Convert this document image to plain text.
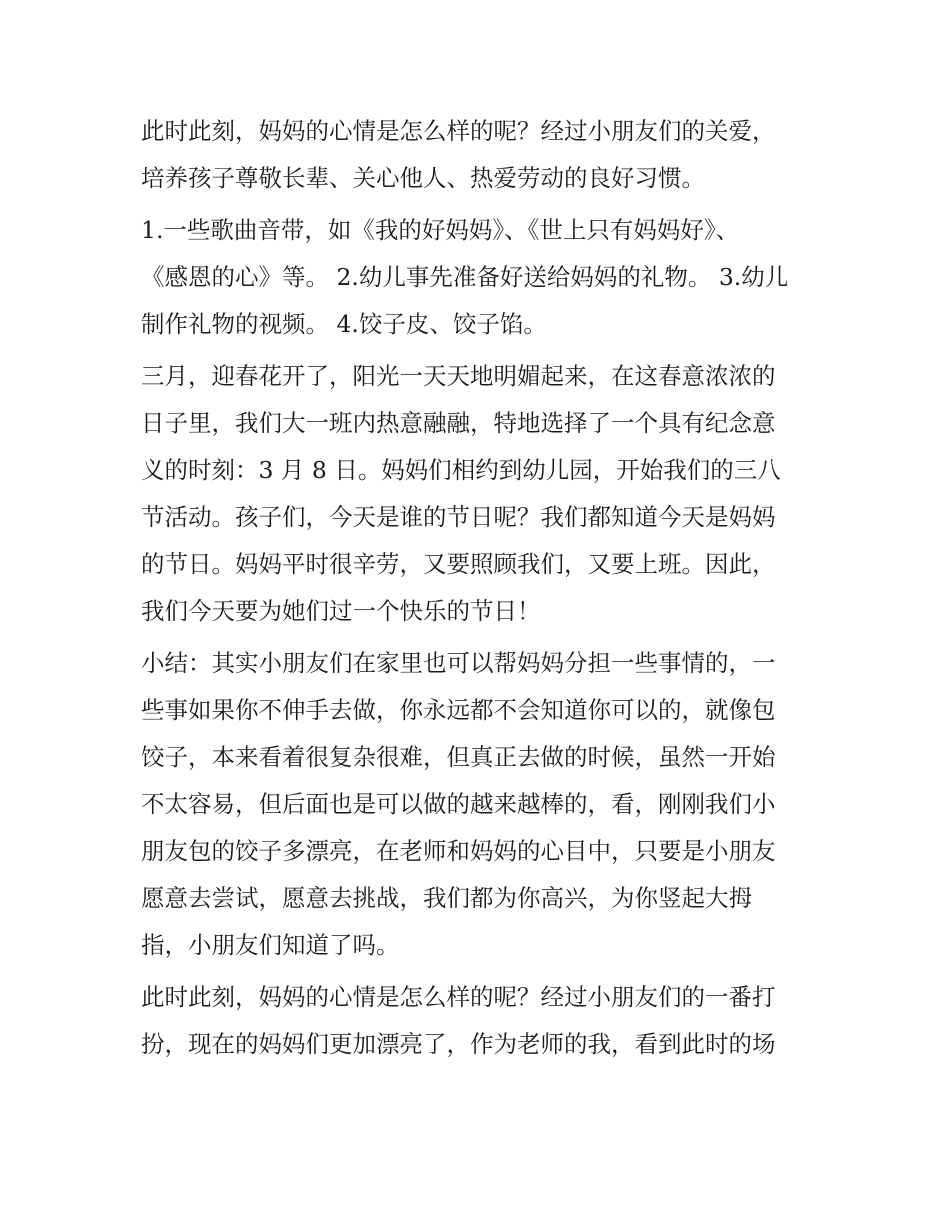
此时此刻，妈妈的心情是怎么样的呢？经过小朋友们的关爱，
培养孩子尊敬长辈、关心他人、热爱劳动的良好习惯。

1.一些歌曲音带，如《我的好妈妈》、《世上只有妈妈好》、
《感恩的心》等。 2.幼儿事先准备好送给妈妈的礼物。 3.幼儿
制作礼物的视频。 4.饺子皮、饺子馅。

三月，迎春花开了，阳光一天天地明媚起来，在这春意浓浓的
日子里，我们大一班内热意融融，特地选择了一个具有纪念意
义的时刻：3 月 8 日。妈妈们相约到幼儿园，开始我们的三八
节活动。孩子们，今天是谁的节日呢？我们都知道今天是妈妈
的节日。妈妈平时很辛劳，又要照顾我们，又要上班。因此，
我们今天要为她们过一个快乐的节日！

小结：其实小朋友们在家里也可以帮妈妈分担一些事情的，一
些事如果你不伸手去做，你永远都不会知道你可以的，就像包
饺子，本来看着很复杂很难，但真正去做的时候，虽然一开始
不太容易，但后面也是可以做的越来越棒的，看，刚刚我们小
朋友包的饺子多漂亮，在老师和妈妈的心目中，只要是小朋友
愿意去尝试，愿意去挑战，我们都为你高兴，为你竖起大拇
指，小朋友们知道了吗。

此时此刻，妈妈的心情是怎么样的呢？经过小朋友们的一番打
扮，现在的妈妈们更加漂亮了，作为老师的我，看到此时的场
